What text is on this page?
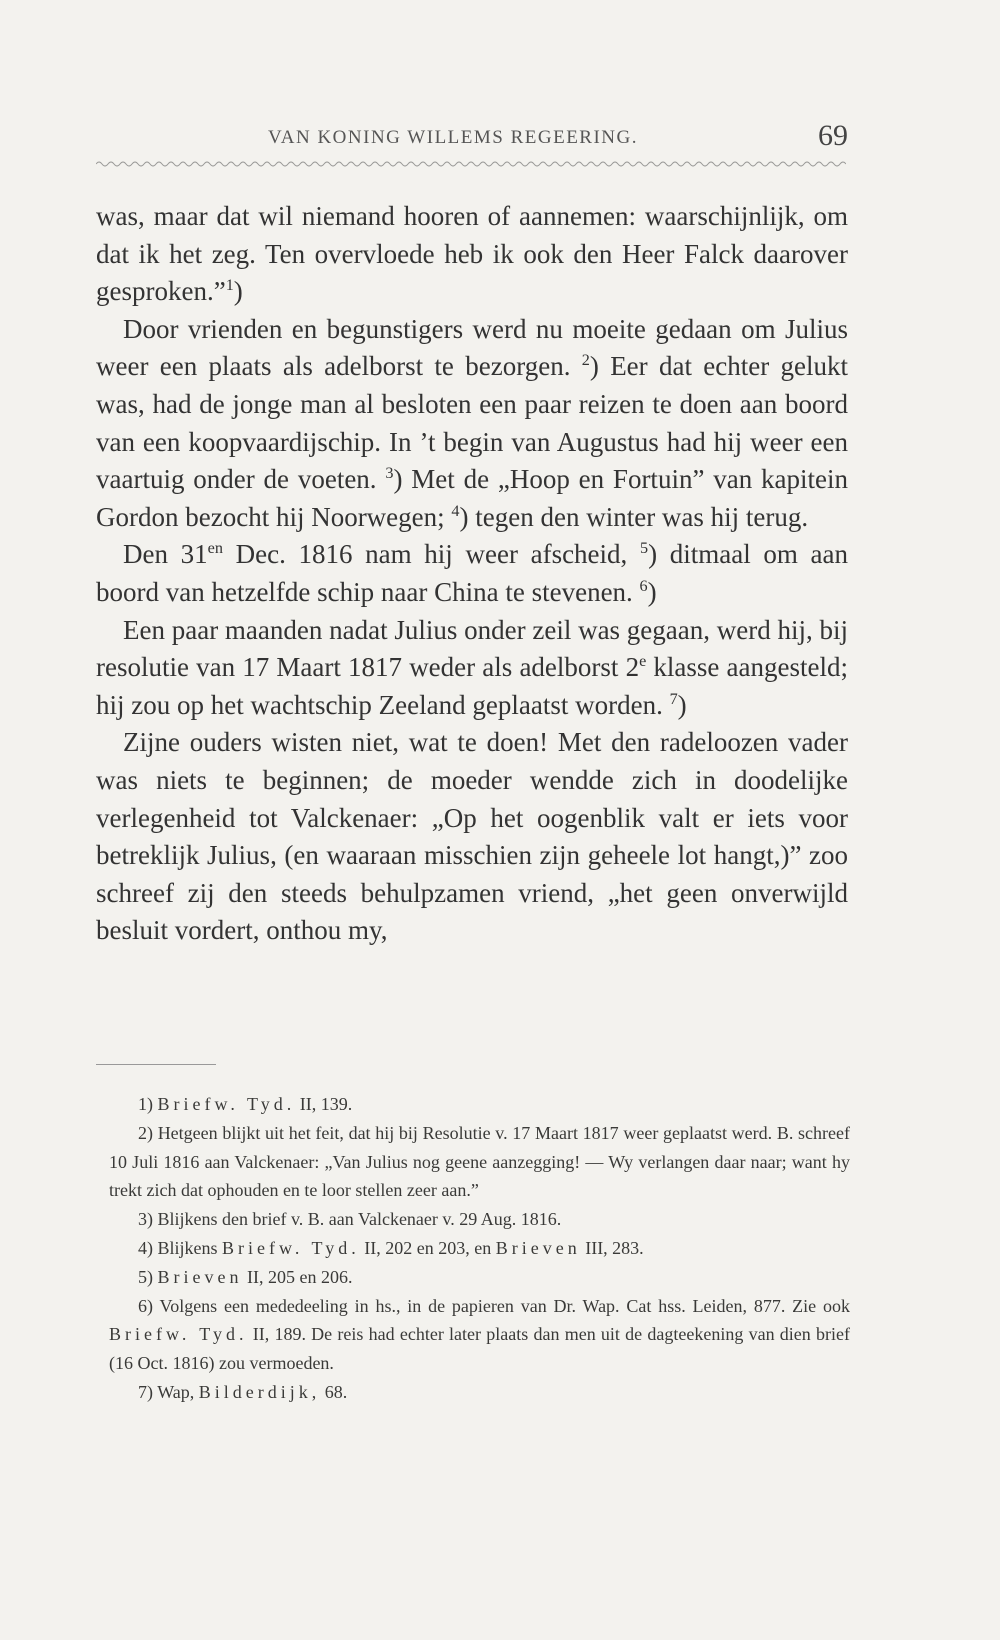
VAN KONING WILLEMS REGEERING.	69

was, maar dat wil niemand hooren of aannemen: waarschijnlijk, om dat ik het zeg. Ten overvloede heb ik ook den Heer Falck daarover gesproken.”$^1$)

Door vrienden en begunstigers werd nu moeite gedaan om Julius weer een plaats als adelborst te bezorgen. $^2$) Eer dat echter gelukt was, had de jonge man al besloten een paar reizen te doen aan boord van een koopvaardijschip. In ’t begin van Augustus had hij weer een vaartuig onder de voeten. $^3$) Met de „Hoop en Fortuin” van kapitein Gordon bezocht hij Noorwegen; $^4$) tegen den winter was hij terug.

Den $31^{en}$ Dec. 1816 nam hij weer afscheid, $^5$) ditmaal om aan boord van hetzelfde schip naar China te stevenen. $^6$)

Een paar maanden nadat Julius onder zeil was gegaan, werd hij, bij resolutie van 17 Maart 1817 weder als adelborst 2e klasse aangesteld; hij zou op het wachtschip Zeeland geplaatst worden. $^7$)

Zijne ouders wisten niet, wat te doen! Met den radeloozen vader was niets te beginnen; de moeder wendde zich in doodelijke verlegenheid tot Valckenaer: „Op het oogenblik valt er iets voor betreklijk Julius, (en waaraan misschien zijn geheele lot hangt,)” zoo schreef zij den steeds behulpzamen vriend, „het geen onverwijld besluit vordert, onthou my,

1) Briefw. Tyd. II, 139.

2) Hetgeen blijkt uit het feit, dat hij bij Resolutie v. 17 Maart 1817 weer geplaatst werd. B. schreef 10 Juli 1816 aan Valckenaer: „Van Julius nog geene aanzegging! — Wy verlangen daar naar; want hy trekt zich dat ophouden en te loor stellen zeer aan.”

3) Blijkens den brief v. B. aan Valckenaer v. 29 Aug. 1816.

4) Blijkens Briefw. Tyd. II, 202 en 203, en Brieven III, 283.

5) Brieven II, 205 en 206.

6) Volgens een mededeeling in hs., in de papieren van Dr. Wap. Cat hss. Leiden, 877. Zie ook Briefw. Tyd. II, 189. De reis had echter later plaats dan men uit de dagteekening van dien brief (16 Oct. 1816) zou vermoeden.

7) Wap, Bilderdijk, 68.
